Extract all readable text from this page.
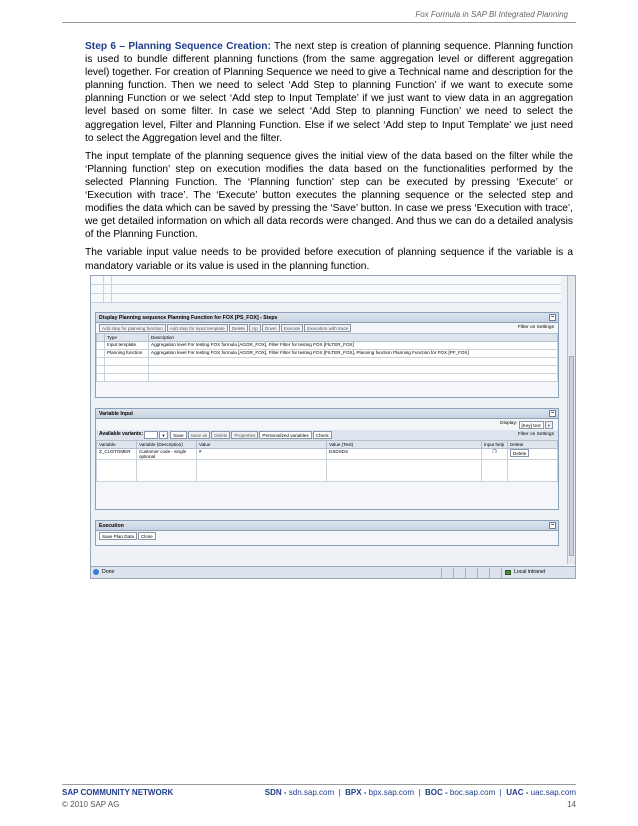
Fox Formula in SAP BI Integrated Planning

Step 6 – Planning Sequence Creation: The next step is creation of planning sequence. Planning function is used to bundle different planning functions (from the same aggregation level or different aggregation level) together. For creation of Planning Sequence we need to give a Technical name and description for the planning function. Then we need to select ‘Add Step to planning Function’ if we want to execute some planning Function or we select ‘Add step to Input Template’ if we just want to view data in an aggregation level based on some filter. In case we select ‘Add Step to planning Function’ we need to select the aggregation level, Filter and Planning Function. Else if we select ‘Add step to Input Template’ we just need to select the Aggregation level and the filter.

The input template of the planning sequence gives the initial view of the data based on the filter while the ‘Planning function’ step on execution modifies the data based on the functionalities performed by the selected Planning Function. The ‘Planning function’ step can be executed by pressing ‘Execute’ or ‘Execution with trace’. The ‘Execute’ button executes the planning sequence or the selected step and modifies the data which can be saved by pressing the ‘Save’ button. In case we press ‘Execution with trace’, we get detailed information on which all data records were changed. And thus we can do a detailed analysis of the Planning Function.

The variable input value needs to be provided before execution of planning sequence if the variable is a mandatory variable or its value is used in the planning function.

Display Planning sequence Planning Function for FOX [PS_FOX] - Steps	–
Add step for planning function Add step for input template Delete Up Down Execute Execution with trace	Filter on Settings
	Type	Description
	Input template	Aggregation level For testing FOX formula [AGGR_FOX], Filter Filter for testing FOX [FILTER_FOX]
	Planning function	Aggregation level For testing FOX formula [AGGR_FOX], Filter Filter for testing FOX [FILTER_FOX], Planning function Planning Function for FOX [PF_FOX]

Variable Input	–
Display: [Key] text ▾
Available variants:	▾ Save Save as Delete Properties Personalized variables Check	Filter on Settings
Variable	Variable (Description)	Value	Value (Text)	Input help	Delete
Z_CUSTOMER	Customer code - single optional	#	DSDSDS	❐	Delete

Execution	–
Save Plan Data Close
Done	Local intranet
SAP COMMUNITY NETWORK	SDN - sdn.sap.com  |  BPX - bpx.sap.com  |  BOC - boc.sap.com  |  UAC - uac.sap.com
© 2010 SAP AG	14
